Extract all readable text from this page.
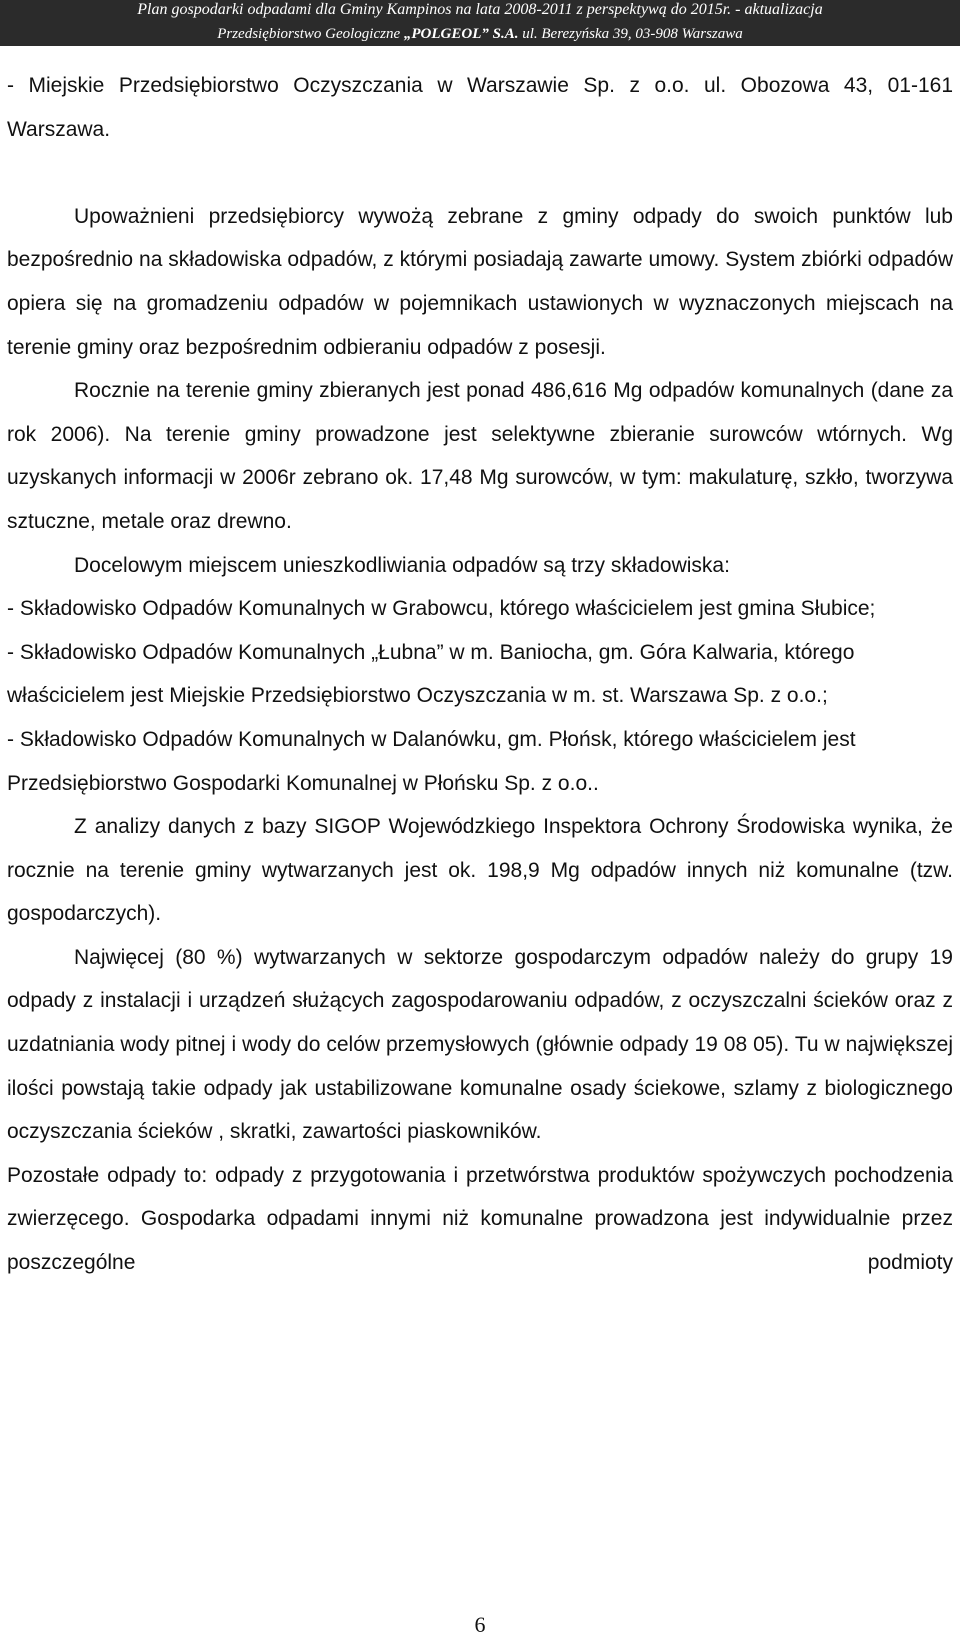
Plan gospodarki odpadami dla Gminy Kampinos na lata 2008-2011 z perspektywą do 2015r. - aktualizacja
Przedsiębiorstwo Geologiczne „POLGEOL” S.A. ul. Berezyńska 39, 03-908 Warszawa

- Miejskie Przedsiębiorstwo Oczyszczania w Warszawie Sp. z o.o. ul. Obozowa 43, 01-161 Warszawa.

Upoważnieni przedsiębiorcy wywożą zebrane z gminy odpady do swoich punktów lub bezpośrednio na składowiska odpadów, z którymi posiadają zawarte umowy. System zbiórki odpadów opiera się na gromadzeniu odpadów w pojemnikach ustawionych w wyznaczonych miejscach na terenie gminy oraz bezpośrednim odbieraniu odpadów z posesji.

Rocznie na terenie gminy zbieranych jest ponad 486,616 Mg odpadów komunalnych (dane za rok 2006). Na terenie gminy prowadzone jest selektywne zbieranie surowców wtórnych. Wg uzyskanych informacji w 2006r zebrano ok. 17,48 Mg surowców, w tym: makulaturę, szkło, tworzywa sztuczne, metale oraz drewno.

Docelowym miejscem unieszkodliwiania odpadów są trzy składowiska:

- Składowisko Odpadów Komunalnych w Grabowcu, którego właścicielem jest gmina Słubice;

- Składowisko Odpadów Komunalnych „Łubna” w m. Baniocha, gm. Góra Kalwaria, którego właścicielem jest Miejskie Przedsiębiorstwo Oczyszczania w m. st. Warszawa Sp. z o.o.;

- Składowisko Odpadów Komunalnych w Dalanówku, gm. Płońsk, którego właścicielem jest Przedsiębiorstwo Gospodarki Komunalnej w Płońsku Sp. z o.o..

Z analizy danych z bazy SIGOP Wojewódzkiego Inspektora Ochrony Środowiska wynika, że rocznie na terenie gminy wytwarzanych jest ok. 198,9 Mg odpadów innych niż komunalne (tzw. gospodarczych).

Najwięcej (80 %) wytwarzanych w sektorze gospodarczym odpadów należy do grupy 19 odpady z instalacji i urządzeń służących zagospodarowaniu odpadów, z oczyszczalni ścieków oraz z uzdatniania wody pitnej i wody do celów przemysłowych (głównie odpady 19 08 05). Tu w największej ilości powstają takie odpady jak ustabilizowane komunalne osady ściekowe, szlamy z biologicznego oczyszczania ścieków , skratki, zawartości piaskowników.

Pozostałe odpady to: odpady z przygotowania i przetwórstwa produktów spożywczych pochodzenia zwierzęcego. Gospodarka odpadami innymi niż komunalne prowadzona jest indywidualnie przez poszczególne podmioty

6
